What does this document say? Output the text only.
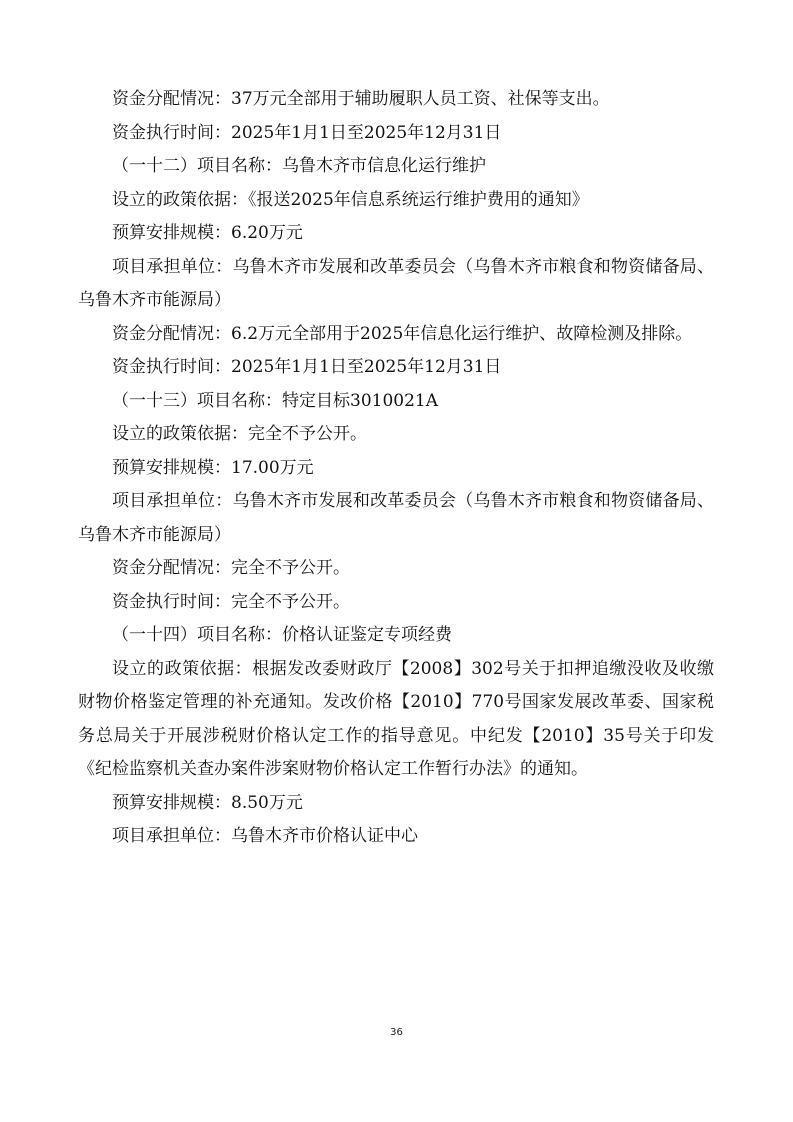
资金分配情况：37万元全部用于辅助履职人员工资、社保等支出。

资金执行时间：2025年1月1日至2025年12月31日

（一十二）项目名称：乌鲁木齐市信息化运行维护

设立的政策依据：《报送2025年信息系统运行维护费用的通知》

预算安排规模：6.20万元

项目承担单位：乌鲁木齐市发展和改革委员会（乌鲁木齐市粮食和物资储备局、乌鲁木齐市能源局）

资金分配情况：6.2万元全部用于2025年信息化运行维护、故障检测及排除。

资金执行时间：2025年1月1日至2025年12月31日

（一十三）项目名称：特定目标3010021A

设立的政策依据：完全不予公开。

预算安排规模：17.00万元

项目承担单位：乌鲁木齐市发展和改革委员会（乌鲁木齐市粮食和物资储备局、乌鲁木齐市能源局）

资金分配情况：完全不予公开。

资金执行时间：完全不予公开。

（一十四）项目名称：价格认证鉴定专项经费

设立的政策依据：根据发改委财政厅【2008】302号关于扣押追缴没收及收缴财物价格鉴定管理的补充通知。发改价格【2010】770号国家发展改革委、国家税务总局关于开展涉税财价格认定工作的指导意见。中纪发【2010】35号关于印发《纪检监察机关查办案件涉案财物价格认定工作暂行办法》的通知。

预算安排规模：8.50万元

项目承担单位：乌鲁木齐市价格认证中心

36
